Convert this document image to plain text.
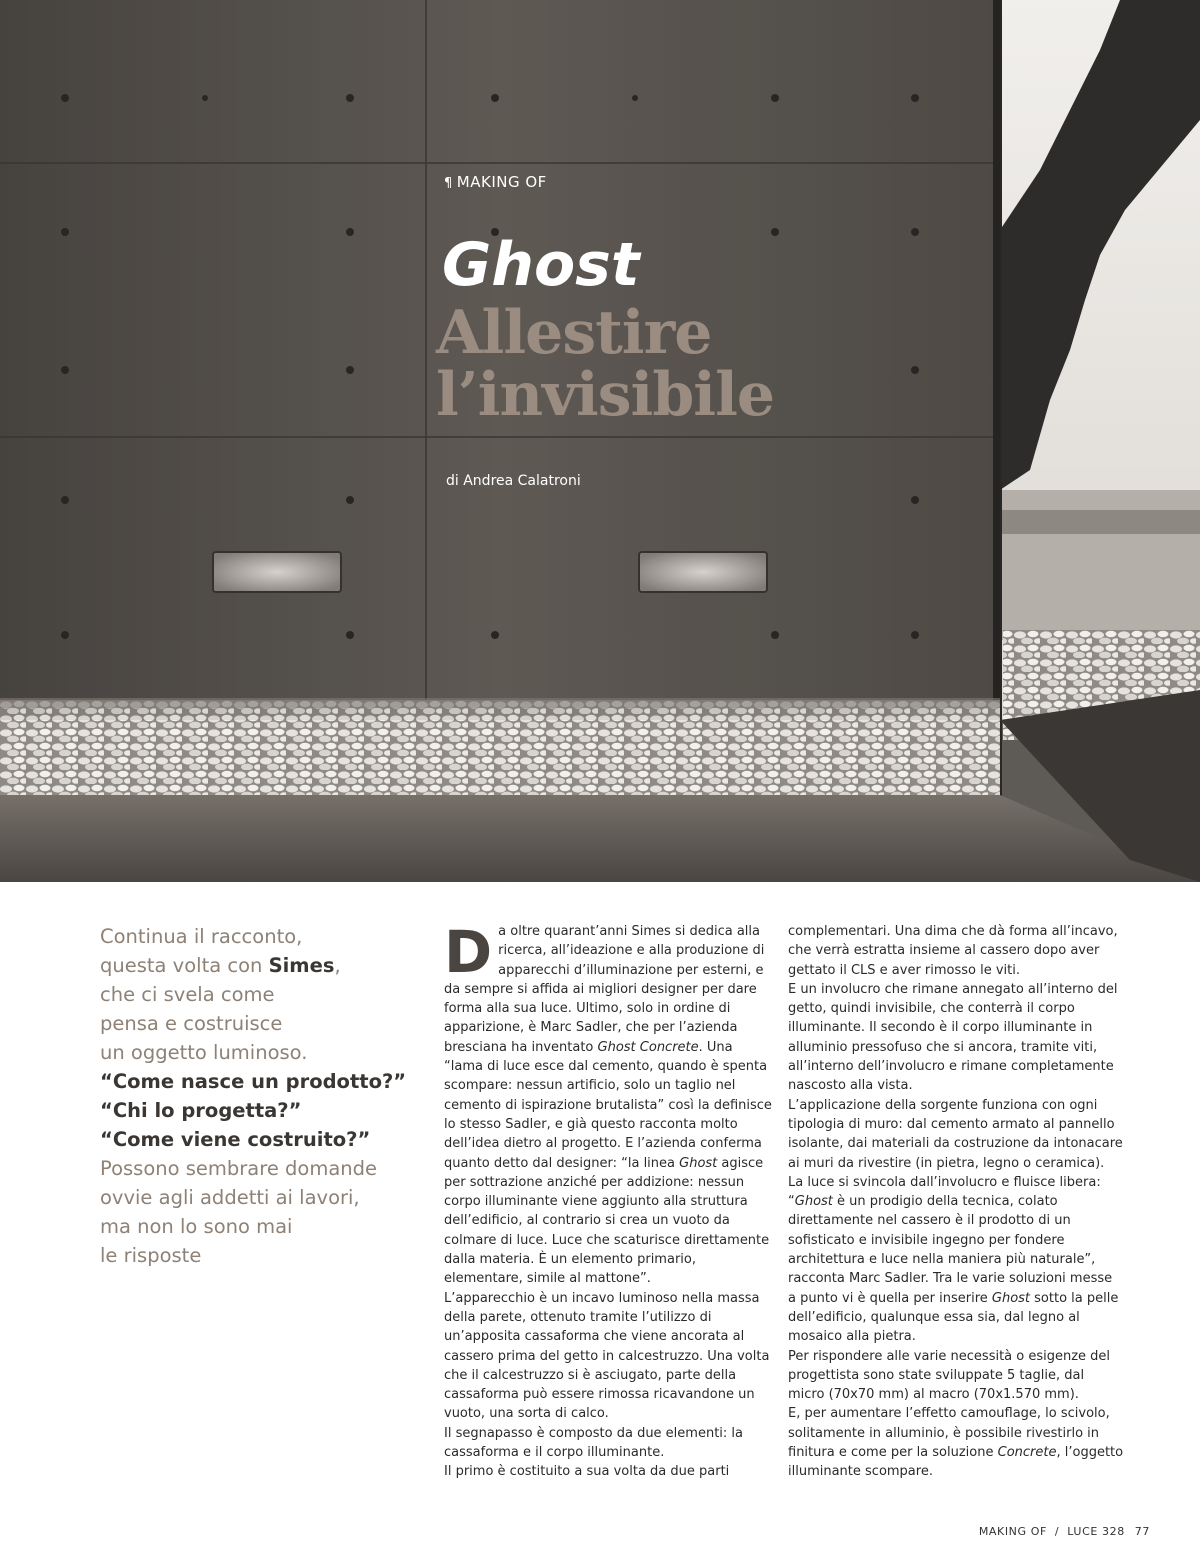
¶ MAKING OF
Ghost
Allestire
l’invisibile
di Andrea Calatroni
Continua il racconto,
questa volta con Simes,
che ci svela come
pensa e costruisce
un oggetto luminoso.
“Come nasce un prodotto?”
“Chi lo progetta?”
“Come viene costruito?”
Possono sembrare domande
ovvie agli addetti ai lavori,
ma non lo sono mai
le risposte

Da oltre quarant’anni Simes si dedica alla ricerca, all’ideazione e alla produzione di apparecchi d’illuminazione per esterni, e da sempre si affida ai migliori designer per dare forma alla sua luce. Ultimo, solo in ordine di apparizione, è Marc Sadler, che per l’azienda bresciana ha inventato Ghost Concrete. Una “lama di luce esce dal cemento, quando è spenta scompare: nessun artificio, solo un taglio nel cemento di ispirazione brutalista” così la definisce lo stesso Sadler, e già questo racconta molto dell’idea dietro al progetto. E l’azienda conferma quanto detto dal designer: “la linea Ghost agisce per sottrazione anziché per addizione: nessun corpo illuminante viene aggiunto alla struttura dell’edificio, al contrario si crea un vuoto da colmare di luce. Luce che scaturisce direttamente dalla materia. È un elemento primario, elementare, simile al mattone”.

L’apparecchio è un incavo luminoso nella massa della parete, ottenuto tramite l’utilizzo di un’apposita cassaforma che viene ancorata al cassero prima del getto in calcestruzzo. Una volta che il calcestruzzo si è asciugato, parte della cassaforma può essere rimossa ricavandone un vuoto, una sorta di calco.

Il segnapasso è composto da due elementi: la cassaforma e il corpo illuminante.

Il primo è costituito a sua volta da due parti

complementari. Una dima che dà forma all’incavo, che verrà estratta insieme al cassero dopo aver gettato il CLS e aver rimosso le viti.

E un involucro che rimane annegato all’interno del getto, quindi invisibile, che conterrà il corpo illuminante. Il secondo è il corpo illuminante in alluminio pressofuso che si ancora, tramite viti, all’interno dell’involucro e rimane completamente nascosto alla vista.

L’applicazione della sorgente funziona con ogni tipologia di muro: dal cemento armato al pannello isolante, dai materiali da costruzione da intonacare ai muri da rivestire (in pietra, legno o ceramica).

La luce si svincola dall’involucro e fluisce libera: “Ghost è un prodigio della tecnica, colato direttamente nel cassero è il prodotto di un sofisticato e invisibile ingegno per fondere architettura e luce nella maniera più naturale”, racconta Marc Sadler. Tra le varie soluzioni messe a punto vi è quella per inserire Ghost sotto la pelle dell’edificio, qualunque essa sia, dal legno al mosaico alla pietra.

Per rispondere alle varie necessità o esigenze del progettista sono state sviluppate 5 taglie, dal micro (70x70 mm) al macro (70x1.570 mm).

E, per aumentare l’effetto camouflage, lo scivolo, solitamente in alluminio, è possibile rivestirlo in finitura e come per la soluzione Concrete, l’oggetto illuminante scompare.

MAKING OF / LUCE 328 77
